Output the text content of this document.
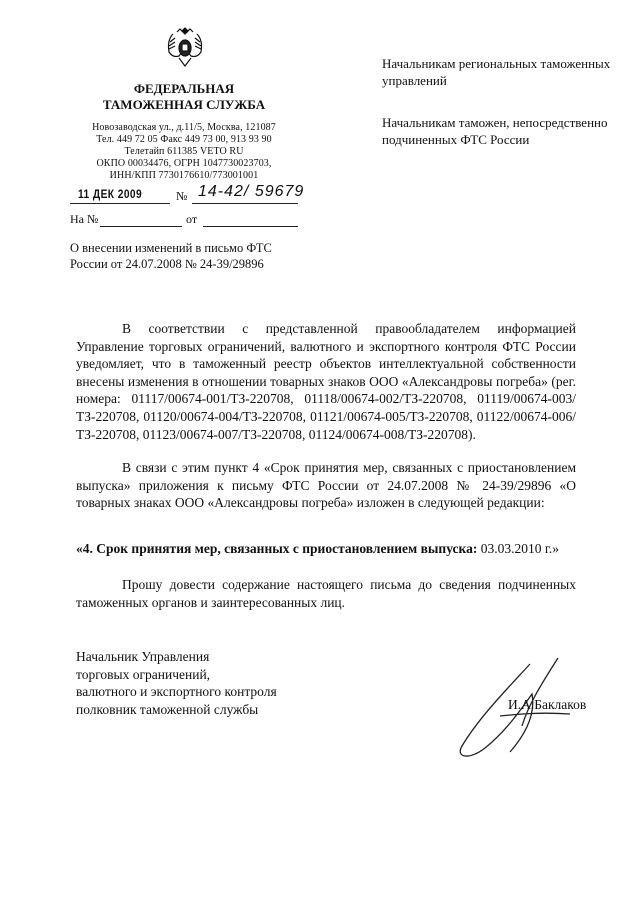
ФЕДЕРАЛЬНАЯ
ТАМОЖЕННАЯ СЛУЖБА
Новозаводская ул., д.11/5, Москва, 121087
Тел. 449 72 05 Факс 449 73 00, 913 93 90
Телетайп 611385 VETO RU
ОКПО 00034476, ОГРН 1047730023703,
ИНН/КПП 7730176610/773001001
11 ДЕК 2009	№ 14-42/ 59679
На №	от
О внесении изменений в письмо ФТС России от 24.07.2008 № 24-39/29896
Начальникам региональных таможенных управлений
Начальникам таможен, непосредственно подчиненных ФТС России
В соответствии с представленной правообладателем информацией Управление торговых ограничений, валютного и экспортного контроля ФТС России уведомляет, что в таможенный реестр объектов интеллектуальной собственности внесены изменения в отношении товарных знаков ООО «Александровы погреба» (рег. номера: 01117/00674-001/ТЗ-220708, 01118/00674-002/ТЗ-220708, 01119/00674-003/ТЗ-220708, 01120/00674-004/ТЗ-220708, 01121/00674-005/ТЗ-220708, 01122/00674-006/ТЗ-220708, 01123/00674-007/ТЗ-220708, 01124/00674-008/ТЗ-220708).
В связи с этим пункт 4 «Срок принятия мер, связанных с приостановлением выпуска» приложения к письму ФТС России от 24.07.2008 № 24-39/29896 «О товарных знаках ООО «Александровы погреба» изложен в следующей редакции:
«4. Срок принятия мер, связанных с приостановлением выпуска: 03.03.2010 г.»
Прошу довести содержание настоящего письма до сведения подчиненных таможенных органов и заинтересованных лиц.
Начальник Управления
торговых ограничений,
валютного и экспортного контроля
полковник таможенной службы	И.А.Баклаков
